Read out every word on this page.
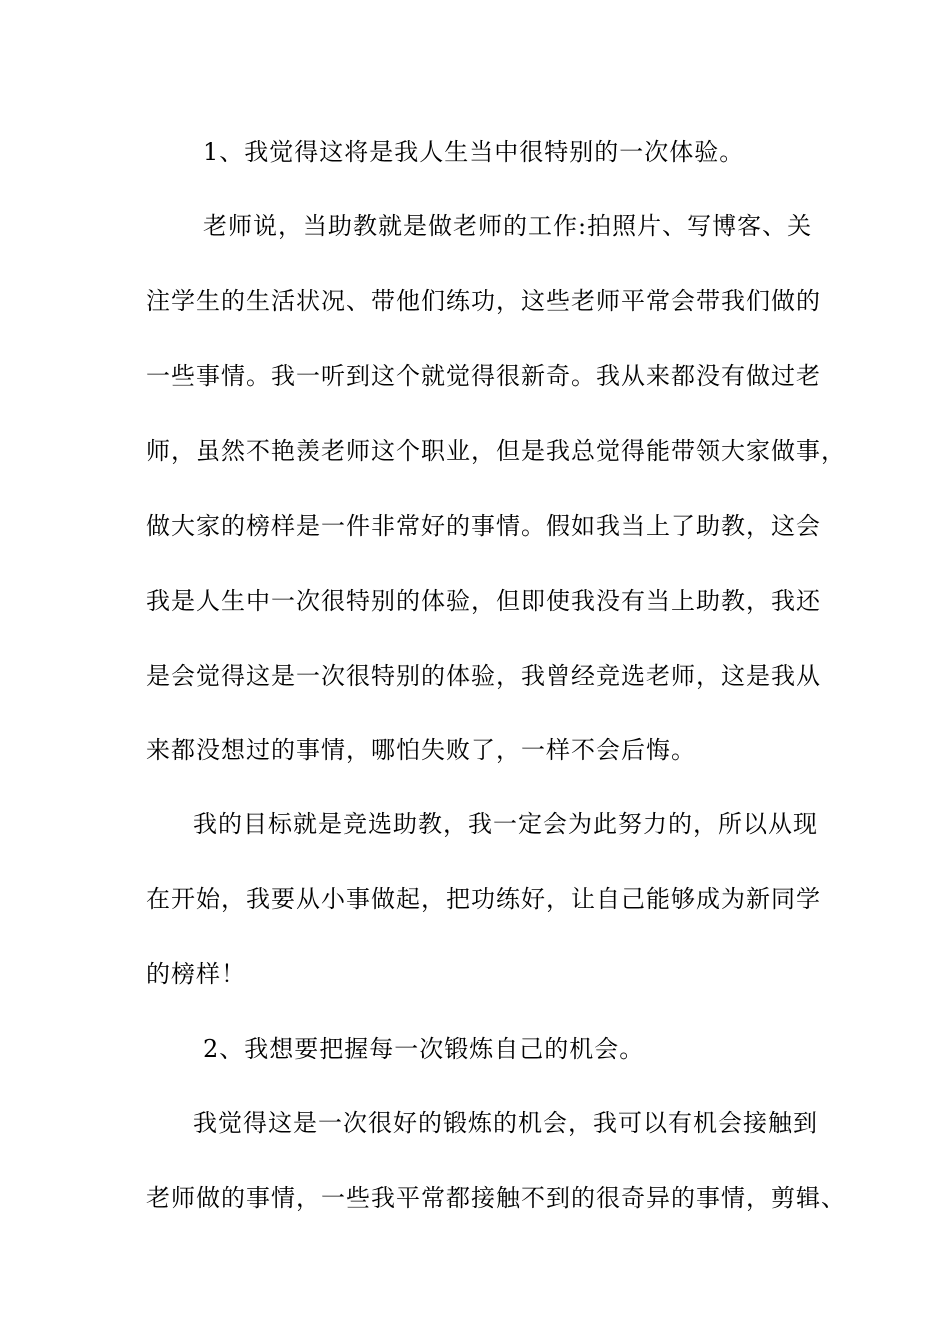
1、我觉得这将是我人生当中很特别的一次体验。
老师说，当助教就是做老师的工作:拍照片、写博客、关
注学生的生活状况、带他们练功，这些老师平常会带我们做的
一些事情。我一听到这个就觉得很新奇。我从来都没有做过老
师，虽然不艳羡老师这个职业，但是我总觉得能带领大家做事，
做大家的榜样是一件非常好的事情。假如我当上了助教，这会
我是人生中一次很特别的体验，但即使我没有当上助教，我还
是会觉得这是一次很特别的体验，我曾经竞选老师，这是我从
来都没想过的事情，哪怕失败了，一样不会后悔。
我的目标就是竞选助教，我一定会为此努力的，所以从现
在开始，我要从小事做起，把功练好，让自己能够成为新同学
的榜样！
2、我想要把握每一次锻炼自己的机会。
我觉得这是一次很好的锻炼的机会，我可以有机会接触到
老师做的事情，一些我平常都接触不到的很奇异的事情，剪辑、
